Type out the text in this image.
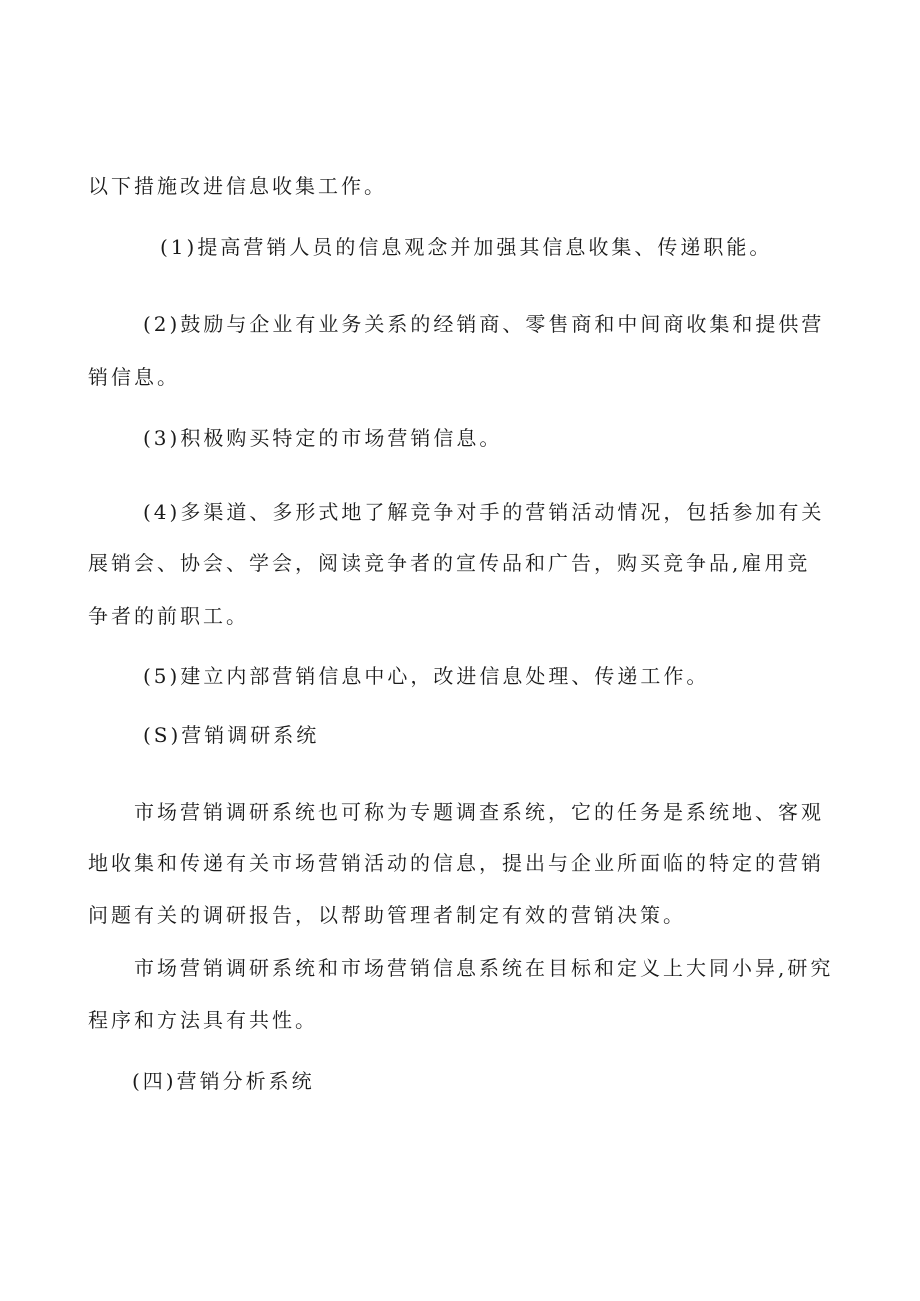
以下措施改进信息收集工作。

(1)提高营销人员的信息观念并加强其信息收集、传递职能。

(2)鼓励与企业有业务关系的经销商、零售商和中间商收集和提供营

销信息。

(3)积极购买特定的市场营销信息。

(4)多渠道、多形式地了解竞争对手的营销活动情况，包括参加有关

展销会、协会、学会，阅读竞争者的宣传品和广告，购买竞争品,雇用竞

争者的前职工。

(5)建立内部营销信息中心，改进信息处理、传递工作。

(S)营销调研系统

市场营销调研系统也可称为专题调查系统，它的任务是系统地、客观

地收集和传递有关市场营销活动的信息，提出与企业所面临的特定的营销

问题有关的调研报告，以帮助管理者制定有效的营销决策。

市场营销调研系统和市场营销信息系统在目标和定义上大同小异,研究

程序和方法具有共性。

(四)营销分析系统
